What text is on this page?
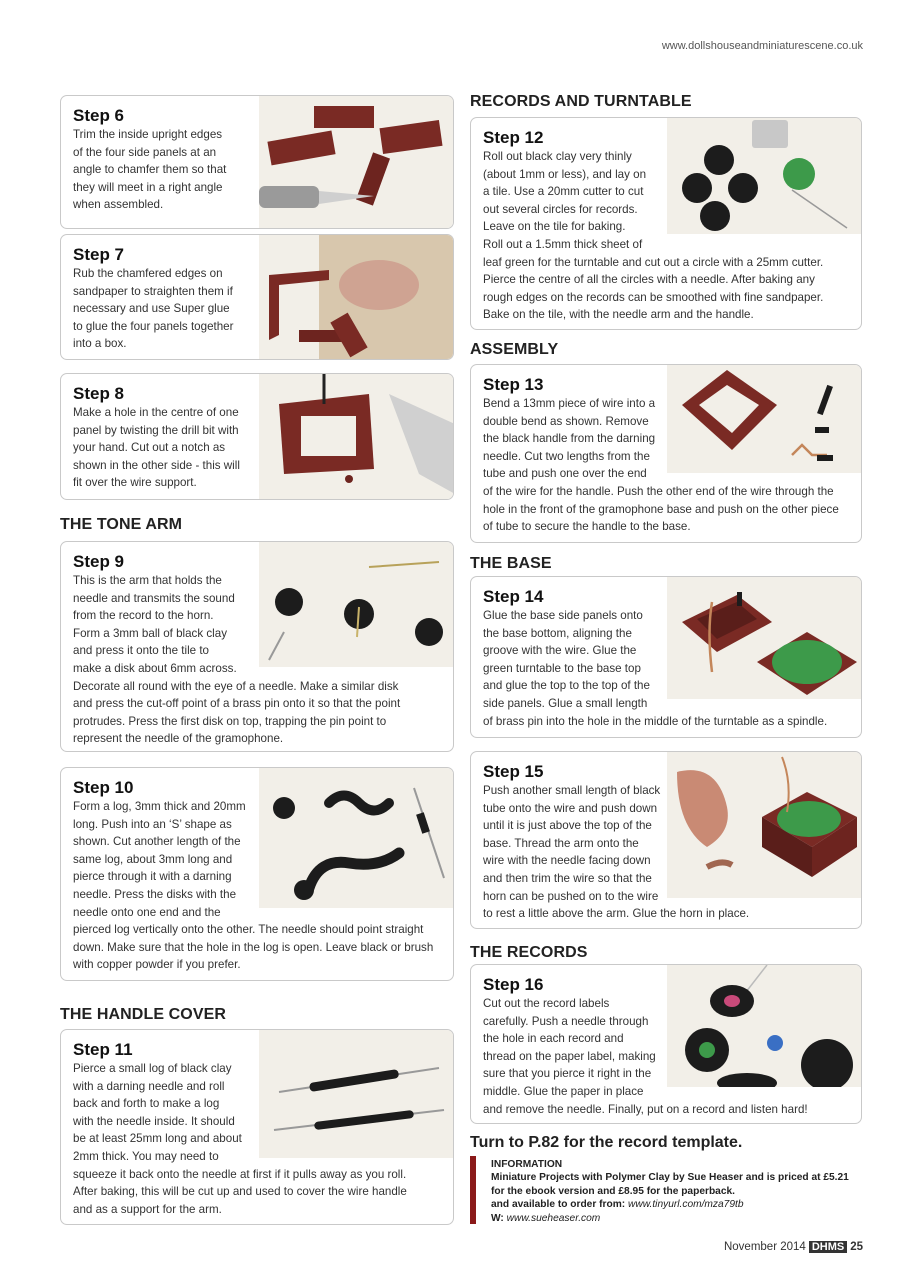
www.dollshouseandminiaturescene.co.uk
Step 6
Trim the inside upright edges
of the four side panels at an
angle to chamfer them so that
they will meet in a right angle
when assembled.
Step 7
Rub the chamfered edges on
sandpaper to straighten them if
necessary and use Super glue
to glue the four panels together
into a box.
Step 8
Make a hole in the centre of one
panel by twisting the drill bit with
your hand. Cut out a notch as
shown in the other side - this will
fit over the wire support.
THE TONE ARM
Step 9
This is the arm that holds the
needle and transmits the sound
from the record to the horn.
Form a 3mm ball of black clay
and press it onto the tile to
make a disk about 6mm across.
Decorate all round with the eye of a needle. Make a similar disk
and press the cut-off point of a brass pin onto it so that the point
protrudes. Press the first disk on top, trapping the pin point to
represent the needle of the gramophone.
Step 10
Form a log, 3mm thick and 20mm
long. Push into an ‘S’ shape as
shown. Cut another length of the
same log, about 3mm long and
pierce through it with a darning
needle. Press the disks with the
needle onto one end and the
pierced log vertically onto the other. The needle should point straight
down. Make sure that the hole in the log is open. Leave black or brush
with copper powder if you prefer.
THE HANDLE COVER
Step 11
Pierce a small log of black clay
with a darning needle and roll
back and forth to make a log
with the needle inside. It should
be at least 25mm long and about
2mm thick. You may need to
squeeze it back onto the needle at first if it pulls away as you roll.
After baking, this will be cut up and used to cover the wire handle
and as a support for the arm.
RECORDS AND TURNTABLE
Step 12
Roll out black clay very thinly
(about 1mm or less), and lay on
a tile. Use a 20mm cutter to cut
out several circles for records.
Leave on the tile for baking.
Roll out a 1.5mm thick sheet of
leaf green for the turntable and cut out a circle with a 25mm cutter.
Pierce the centre of all the circles with a needle. After baking any
rough edges on the records can be smoothed with fine sandpaper.
Bake on the tile, with the needle arm and the handle.
ASSEMBLY
Step 13
Bend a 13mm piece of wire into a
double bend as shown. Remove
the black handle from the darning
needle. Cut two lengths from the
tube and push one over the end
of the wire for the handle. Push the other end of the wire through the
hole in the front of the gramophone base and push on the other piece
of tube to secure the handle to the base.
THE BASE
Step 14
Glue the base side panels onto
the base bottom, aligning the
groove with the wire. Glue the
green turntable to the base top
and glue the top to the top of the
side panels. Glue a small length
of brass pin into the hole in the middle of the turntable as a spindle.
Step 15
Push another small length of black
tube onto the wire and push down
until it is just above the top of the
base. Thread the arm onto the
wire with the needle facing down
and then trim the wire so that the
horn can be pushed on to the wire
to rest a little above the arm. Glue the horn in place.
THE RECORDS
Step 16
Cut out the record labels
carefully. Push a needle through
the hole in each record and
thread on the paper label, making
sure that you pierce it right in the
middle. Glue the paper in place
and remove the needle. Finally, put on a record and listen hard!
Turn to P.82 for the record template.
INFORMATION
Miniature Projects with Polymer Clay by Sue Heaser and is priced at £5.21
for the ebook version and £8.95 for the paperback.
and available to order from: www.tinyurl.com/mza79tb
W: www.sueheaser.com
November 2014 DHMS 25
